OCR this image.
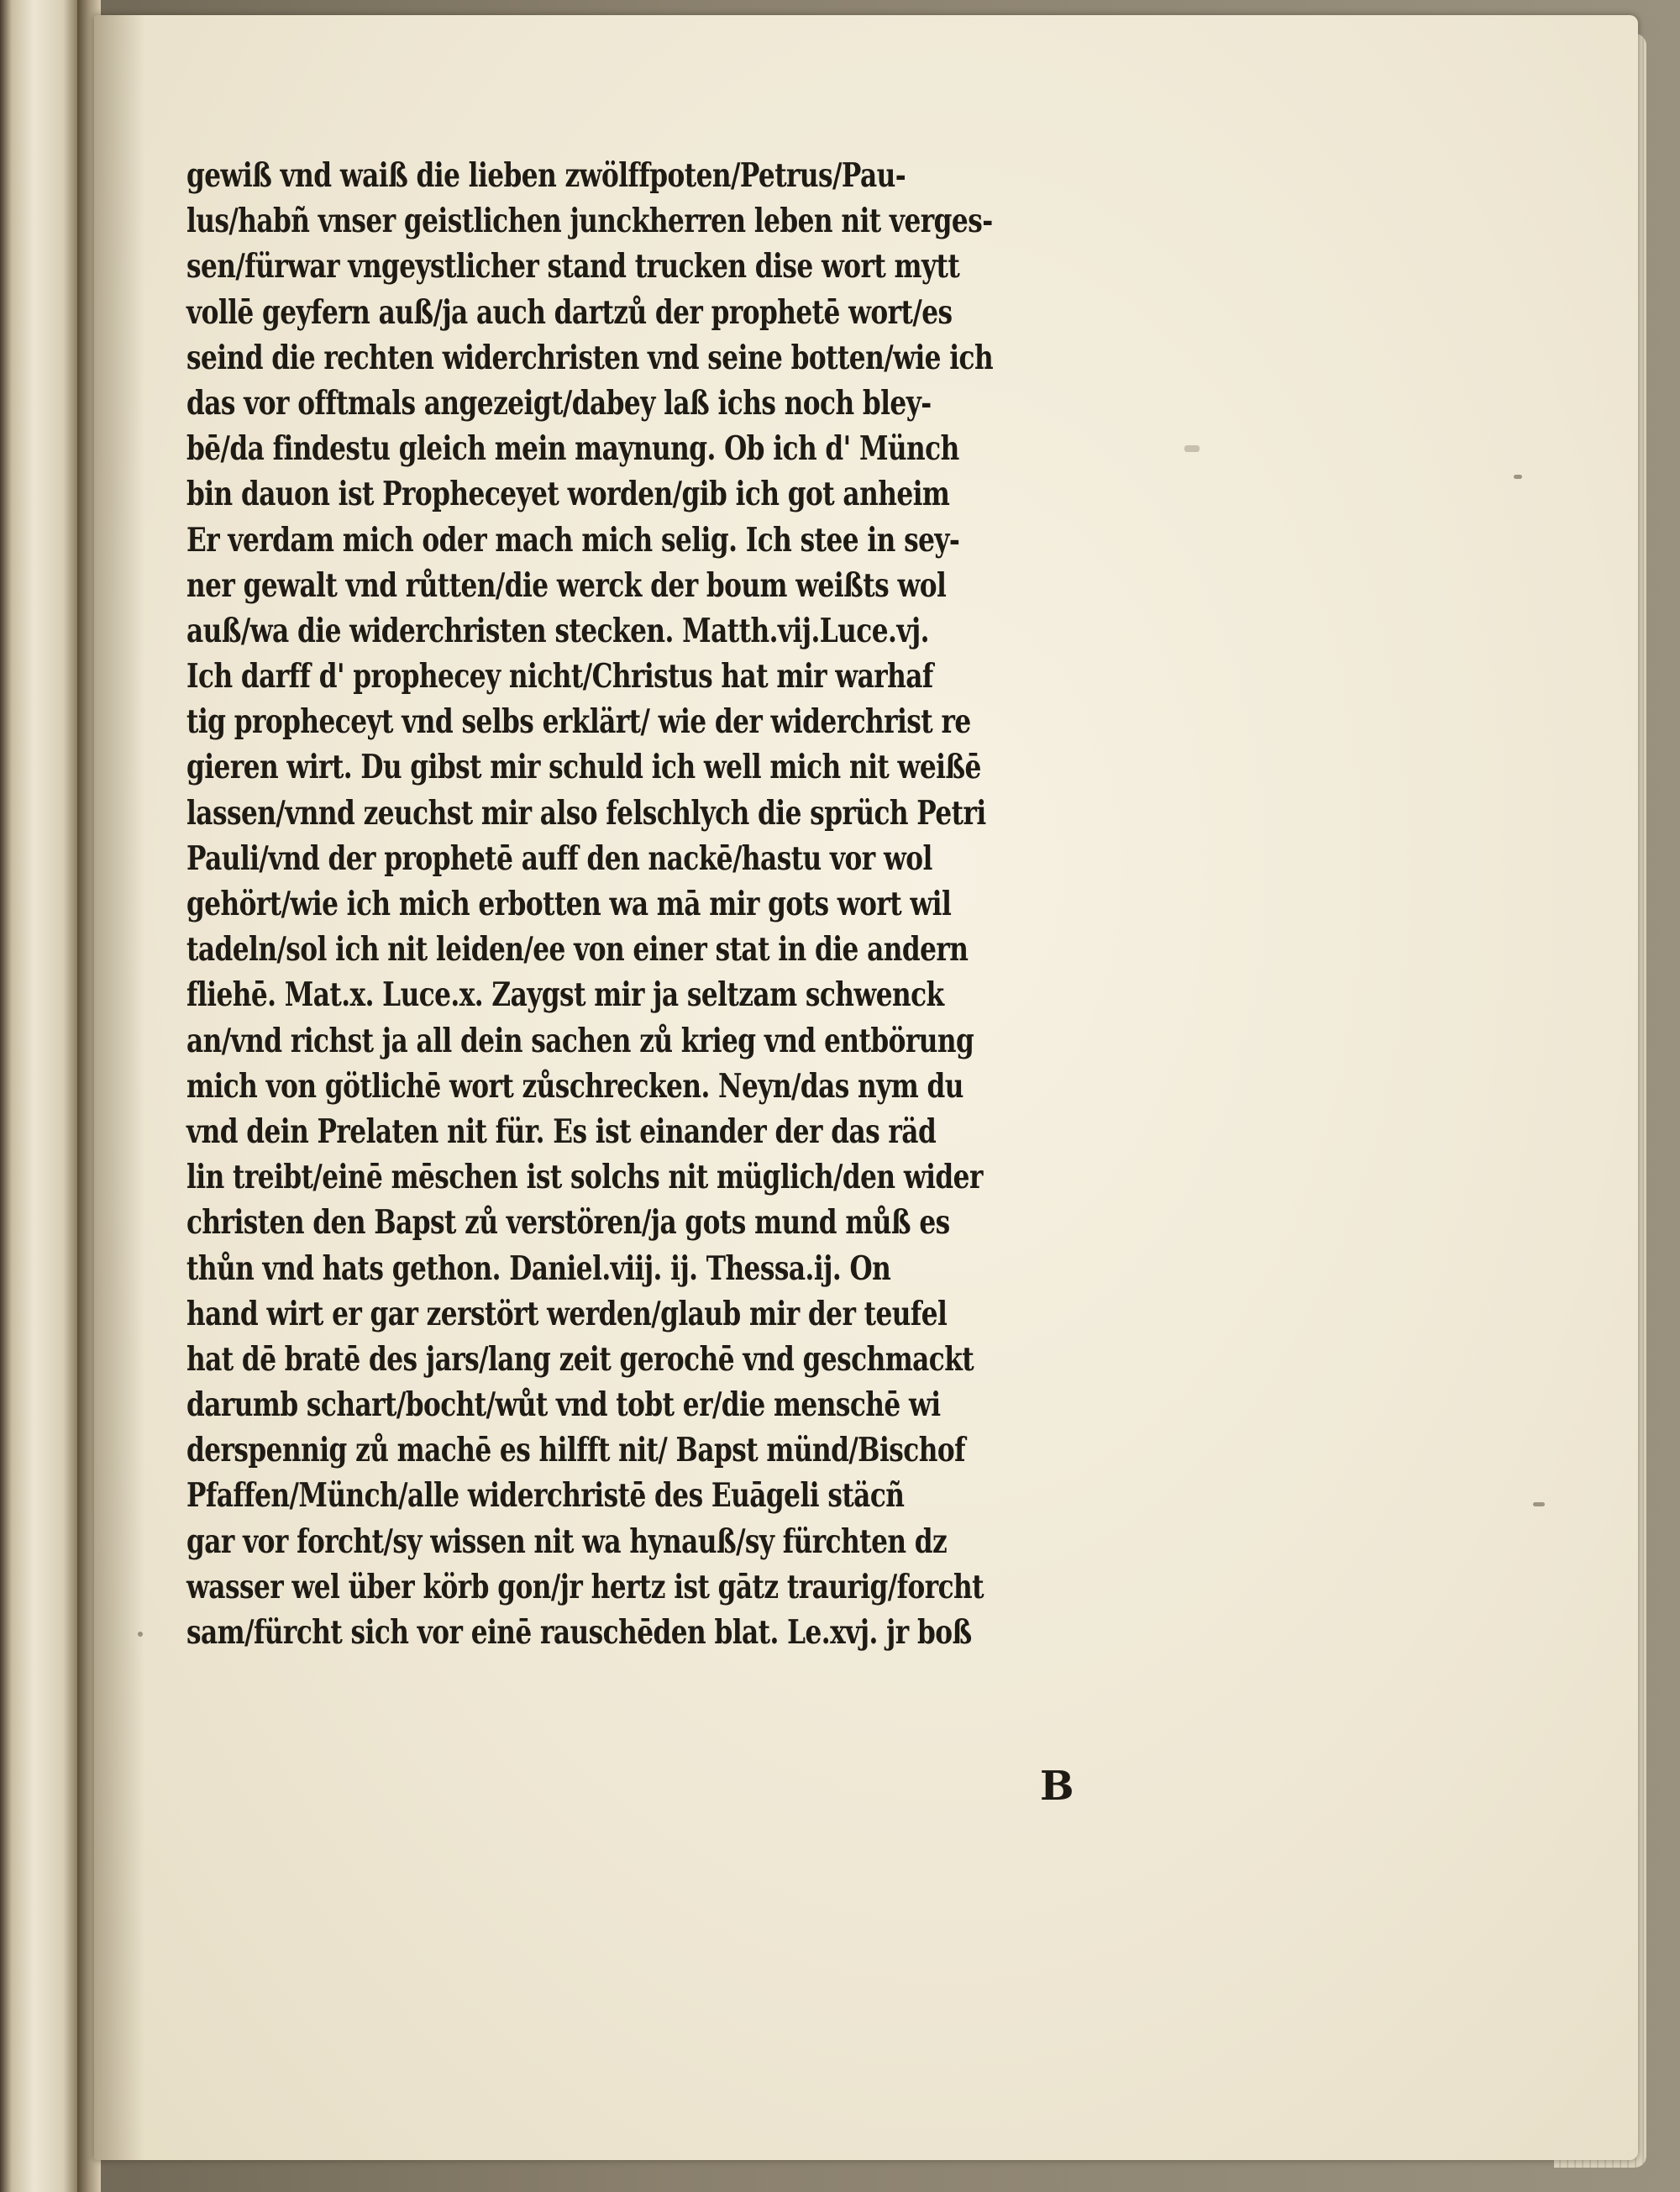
gewiß vnd waiß die lieben zwölffpoten/Petrus/Pau-
lus/habñ vnser geistlichen junckherren leben nit verges-
sen/fürwar vngeystlicher stand trucken dise wort mytt
vollē geyfern auß/ja auch dartzů der prophetē wort/es
seind die rechten widerchristen vnd seine botten/wie ich
das vor offtmals angezeigt/dabey laß ichs noch bley-
bē/da findestu gleich mein maynung. Ob ich d' Münch
bin dauon ist Propheceyet worden/gib ich got anheim
Er verdam mich oder mach mich selig. Ich stee in sey-
ner gewalt vnd růtten/die werck der boum weißts wol
auß/wa die widerchristen stecken. Matth.vij.Luce.vj.
Ich darff d' prophecey nicht/Christus hat mir warhaf
tig propheceyt vnd selbs erklärt/ wie der widerchrist re
gieren wirt. Du gibst mir schuld ich well mich nit weißē
lassen/vnnd zeuchst mir also felschlych die sprüch Petri
Pauli/vnd der prophetē auff den nackē/hastu vor wol
gehört/wie ich mich erbotten wa mā mir gots wort wil
tadeln/sol ich nit leiden/ee von einer stat in die andern
fliehē. Mat.x. Luce.x. Zaygst mir ja seltzam schwenck
an/vnd richst ja all dein sachen zů krieg vnd entbörung
mich von götlichē wort zůschrecken. Neyn/das nym du
vnd dein Prelaten nit für. Es ist einander der das räd
lin treibt/einē mēschen ist solchs nit müglich/den wider
christen den Bapst zů verstören/ja gots mund můß es
thůn vnd hats gethon. Daniel.viij. ij. Thessa.ij. On
hand wirt er gar zerstört werden/glaub mir der teufel
hat dē bratē des jars/lang zeit gerochē vnd geschmackt
darumb schart/bocht/wůt vnd tobt er/die menschē wi
derspennig zů machē es hilfft nit/ Bapst münd/Bischof
Pfaffen/Münch/alle widerchristē des Euāgeli stäcñ
gar vor forcht/sy wissen nit wa hynauß/sy fürchten dz
wasser wel über körb gon/jr hertz ist gātz traurig/forcht
sam/fürcht sich vor einē rauschēden blat. Le.xvj. jr boß
B
